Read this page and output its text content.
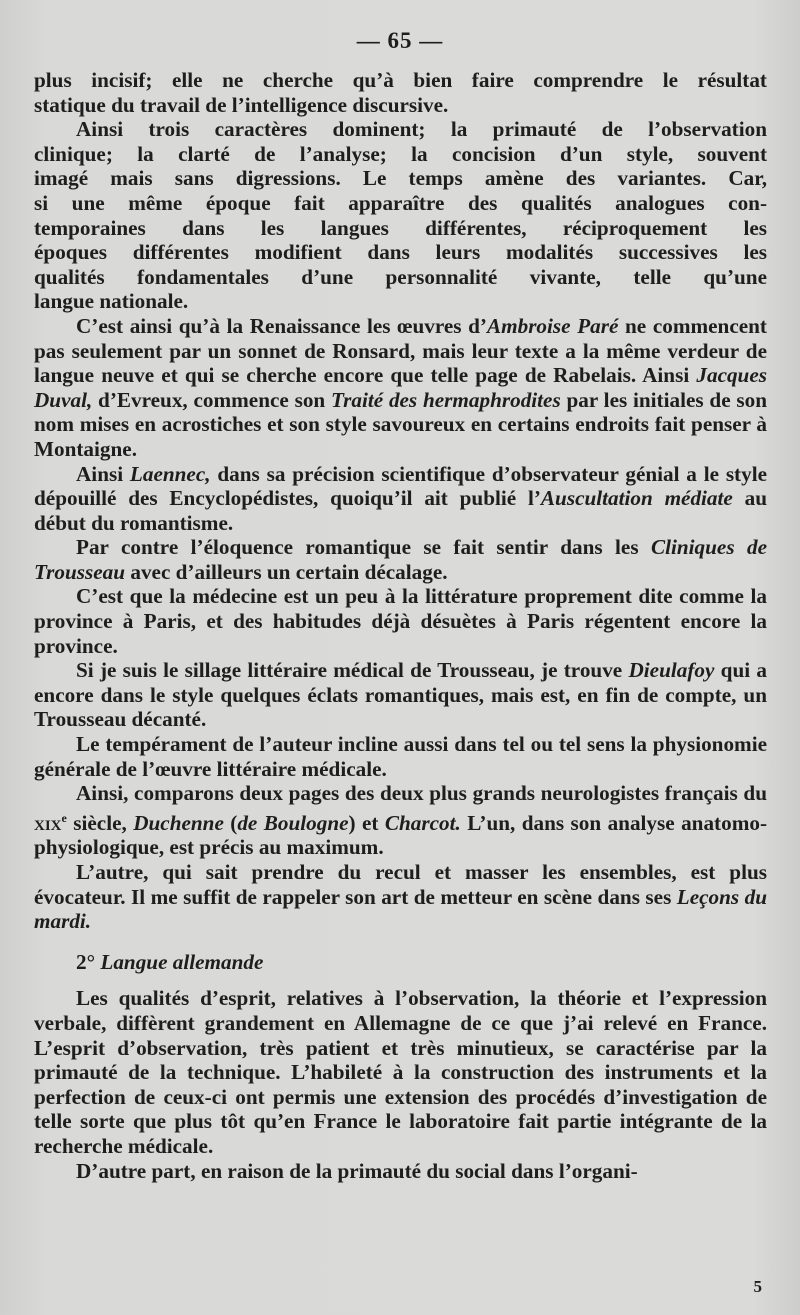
— 65 —

plus incisif; elle ne cherche qu’à bien faire comprendre le résultat
statique du travail de l’intelligence discursive.

Ainsi trois caractères dominent; la primauté de l’observation
clinique; la clarté de l’analyse; la concision d’un style, souvent
imagé mais sans digressions. Le temps amène des variantes. Car,
si une même époque fait apparaître des qualités analogues con-
temporaines dans les langues différentes, réciproquement les
époques différentes modifient dans leurs modalités successives les
qualités fondamentales d’une personnalité vivante, telle qu’une
langue nationale.

C’est ainsi qu’à la Renaissance les œuvres d’Ambroise Paré ne commencent pas seulement par un sonnet de Ronsard, mais leur texte a la même verdeur de langue neuve et qui se cherche encore que telle page de Rabelais. Ainsi Jacques Duval, d’Evreux, commence son Traité des hermaphrodites par les initiales de son nom mises en acrostiches et son style savoureux en certains endroits fait penser à Montaigne.

Ainsi Laennec, dans sa précision scientifique d’observateur génial a le style dépouillé des Encyclopédistes, quoiqu’il ait publié l’Auscultation médiate au début du romantisme.

Par contre l’éloquence romantique se fait sentir dans les Cliniques de Trousseau avec d’ailleurs un certain décalage.

C’est que la médecine est un peu à la littérature proprement dite comme la province à Paris, et des habitudes déjà désuètes à Paris régentent encore la province.

Si je suis le sillage littéraire médical de Trousseau, je trouve Dieulafoy qui a encore dans le style quelques éclats romantiques, mais est, en fin de compte, un Trousseau décanté.

Le tempérament de l’auteur incline aussi dans tel ou tel sens la physionomie générale de l’œuvre littéraire médicale.

Ainsi, comparons deux pages des deux plus grands neurologistes français du xix$^e$ siècle, Duchenne (de Boulogne) et Charcot. L’un, dans son analyse anatomo-physiologique, est précis au maximum.

L’autre, qui sait prendre du recul et masser les ensembles, est plus évocateur. Il me suffit de rappeler son art de metteur en scène dans ses Leçons du mardi.

2° Langue allemande

Les qualités d’esprit, relatives à l’observation, la théorie et l’expression verbale, diffèrent grandement en Allemagne de ce que j’ai relevé en France. L’esprit d’observation, très patient et très minutieux, se caractérise par la primauté de la technique. L’habileté à la construction des instruments et la perfection de ceux-ci ont permis une extension des procédés d’investigation de telle sorte que plus tôt qu’en France le laboratoire fait partie intégrante de la recherche médicale.

D’autre part, en raison de la primauté du social dans l’organi-

5
